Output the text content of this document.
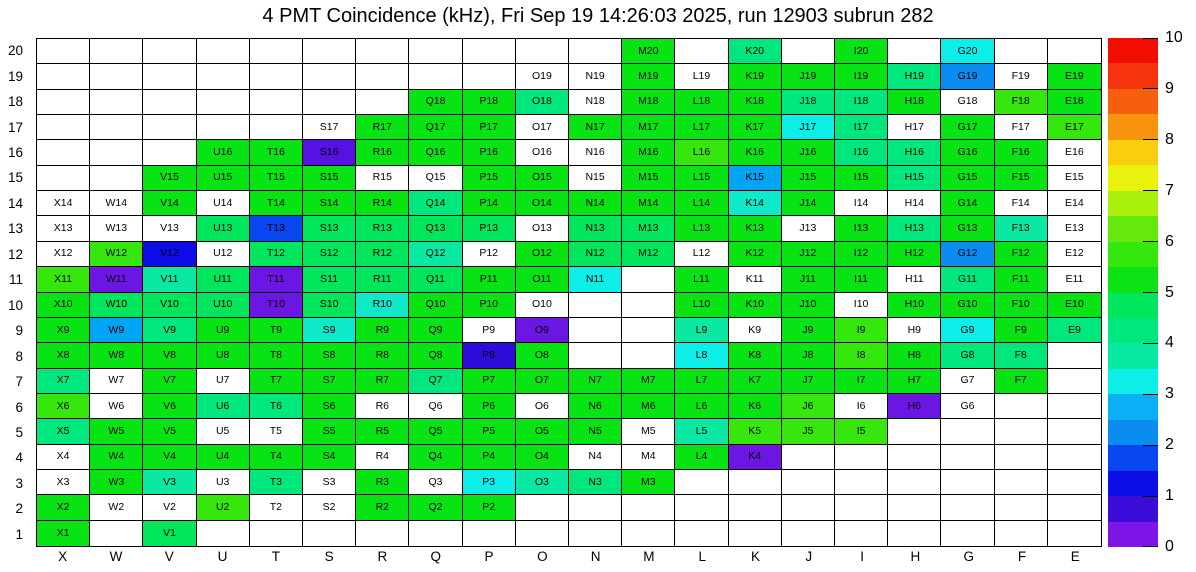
4 PMT Coincidence (kHz), Fri Sep 19 14:26:03 2025, run 12903 subrun 282
M20	K20	I20	G20
O19	N19	M19	L19	K19	J19	I19	H19	G19	F19	E19
Q18	P18	O18	N18	M18	L18	K18	J18	I18	H18	G18	F18	E18
S17	R17	Q17	P17	O17	N17	M17	L17	K17	J17	I17	H17	G17	F17	E17
U16	T16	S16	R16	Q16	P16	O16	N16	M16	L16	K16	J16	I16	H16	G16	F16	E16
V15	U15	T15	S15	R15	Q15	P15	O15	N15	M15	L15	K15	J15	I15	H15	G15	F15	E15
X14	W14	V14	U14	T14	S14	R14	Q14	P14	O14	N14	M14	L14	K14	J14	I14	H14	G14	F14	E14
X13	W13	V13	U13	T13	S13	R13	Q13	P13	O13	N13	M13	L13	K13	J13	I13	H13	G13	F13	E13
X12	W12	V12	U12	T12	S12	R12	Q12	P12	O12	N12	M12	L12	K12	J12	I12	H12	G12	F12	E12
X11	W11	V11	U11	T11	S11	R11	Q11	P11	O11	N11	L11	K11	J11	I11	H11	G11	F11	E11
X10	W10	V10	U10	T10	S10	R10	Q10	P10	O10	L10	K10	J10	I10	H10	G10	F10	E10
X9	W9	V9	U9	T9	S9	R9	Q9	P9	O9	L9	K9	J9	I9	H9	G9	F9	E9
X8	W8	V8	U8	T8	S8	R8	Q8	P8	O8	L8	K8	J8	I8	H8	G8	F8
X7	W7	V7	U7	T7	S7	R7	Q7	P7	O7	N7	M7	L7	K7	J7	I7	H7	G7	F7
X6	W6	V6	U6	T6	S6	R6	Q6	P6	O6	N6	M6	L6	K6	J6	I6	H6	G6
X5	W5	V5	U5	T5	S5	R5	Q5	P5	O5	N5	M5	L5	K5	J5	I5
X4	W4	V4	U4	T4	S4	R4	Q4	P4	O4	N4	M4	L4	K4
X3	W3	V3	U3	T3	S3	R3	Q3	P3	O3	N3	M3
X2	W2	V2	U2	T2	S2	R2	Q2	P2
X1	V1
20
19
18
17
16
15
14
13
12
11
10
9
8
7
6
5
4
3
2
1
X	W	V	U	T	S	R	Q	P	O	N	M	L	K	J	I	H	G	F	E
10
9
8
7
6
5
4
3
2
1
0
